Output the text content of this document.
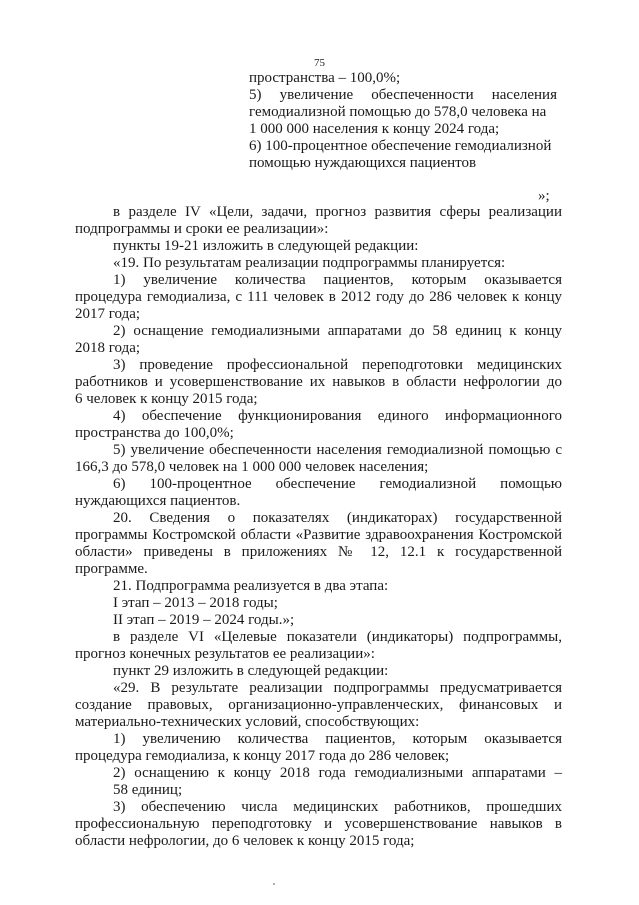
75
пространства – 100,0%;
5) увеличение обеспеченности населения
гемодиализной помощью до 578,0 человека на
1 000 000 населения к концу 2024 года;
6) 100-процентное обеспечение гемодиализной
помощью нуждающихся пациентов
»;
в разделе IV «Цели, задачи, прогноз развития сферы реализации
подпрограммы и сроки ее реализации»:
пункты 19-21 изложить в следующей редакции:
«19. По результатам реализации подпрограммы планируется:
1) увеличение количества пациентов, которым оказывается
процедура гемодиализа, с 111 человек в 2012 году до 286 человек к концу
2017 года;
2) оснащение гемодиализными аппаратами до 58 единиц к концу
2018 года;
3) проведение профессиональной переподготовки медицинских
работников и усовершенствование их навыков в области нефрологии до
6 человек к концу 2015 года;
4) обеспечение функционирования единого информационного
пространства до 100,0%;
5) увеличение обеспеченности населения гемодиализной помощью с
166,3 до 578,0 человек на 1 000 000 человек населения;
6) 100-процентное обеспечение гемодиализной помощью
нуждающихся пациентов.
20. Сведения о показателях (индикаторах) государственной
программы Костромской области «Развитие здравоохранения Костромской
области» приведены в приложениях № 12, 12.1 к государственной
программе.
21. Подпрограмма реализуется в два этапа:
I этап – 2013 – 2018 годы;
II этап – 2019 – 2024 годы.»;
в разделе VI «Целевые показатели (индикаторы) подпрограммы,
прогноз конечных результатов ее реализации»:
пункт 29 изложить в следующей редакции:
«29. В результате реализации подпрограммы предусматривается
создание правовых, организационно-управленческих, финансовых и
материально-технических условий, способствующих:
1) увеличению количества пациентов, которым оказывается
процедура гемодиализа, к концу 2017 года до 286 человек;
2) оснащению к концу 2018 года гемодиализными аппаратами –
58 единиц;
3) обеспечению числа медицинских работников, прошедших
профессиональную переподготовку и усовершенствование навыков в
области нефрологии, до 6 человек к концу 2015 года;
